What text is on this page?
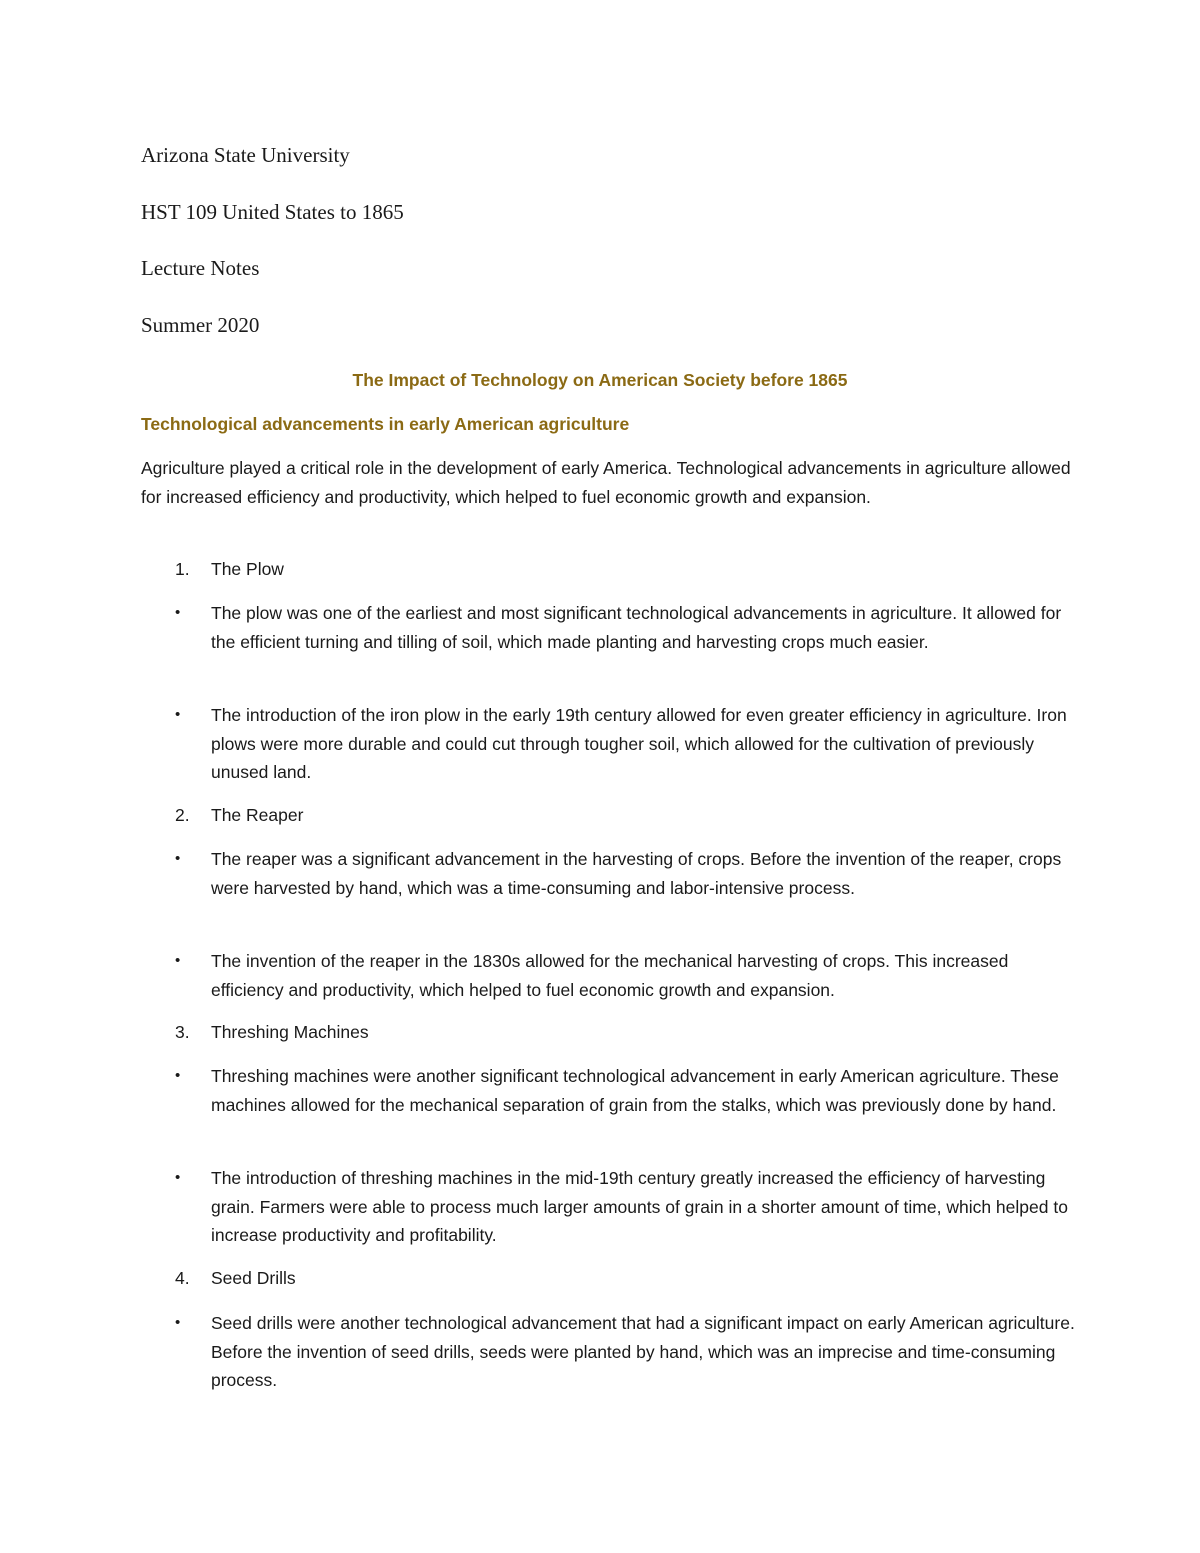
Arizona State University
HST 109 United States to 1865
Lecture Notes
Summer 2020
The Impact of Technology on American Society before 1865
Technological advancements in early American agriculture
Agriculture played a critical role in the development of early America. Technological advancements in agriculture allowed for increased efficiency and productivity, which helped to fuel economic growth and expansion.
1. The Plow
•	The plow was one of the earliest and most significant technological advancements in agriculture. It allowed for the efficient turning and tilling of soil, which made planting and harvesting crops much easier.
•	The introduction of the iron plow in the early 19th century allowed for even greater efficiency in agriculture. Iron plows were more durable and could cut through tougher soil, which allowed for the cultivation of previously unused land.
2. The Reaper
•	The reaper was a significant advancement in the harvesting of crops. Before the invention of the reaper, crops were harvested by hand, which was a time-consuming and labor-intensive process.
•	The invention of the reaper in the 1830s allowed for the mechanical harvesting of crops. This increased efficiency and productivity, which helped to fuel economic growth and expansion.
3. Threshing Machines
•	Threshing machines were another significant technological advancement in early American agriculture. These machines allowed for the mechanical separation of grain from the stalks, which was previously done by hand.
•	The introduction of threshing machines in the mid-19th century greatly increased the efficiency of harvesting grain. Farmers were able to process much larger amounts of grain in a shorter amount of time, which helped to increase productivity and profitability.
4. Seed Drills
•	Seed drills were another technological advancement that had a significant impact on early American agriculture. Before the invention of seed drills, seeds were planted by hand, which was an imprecise and time-consuming process.
